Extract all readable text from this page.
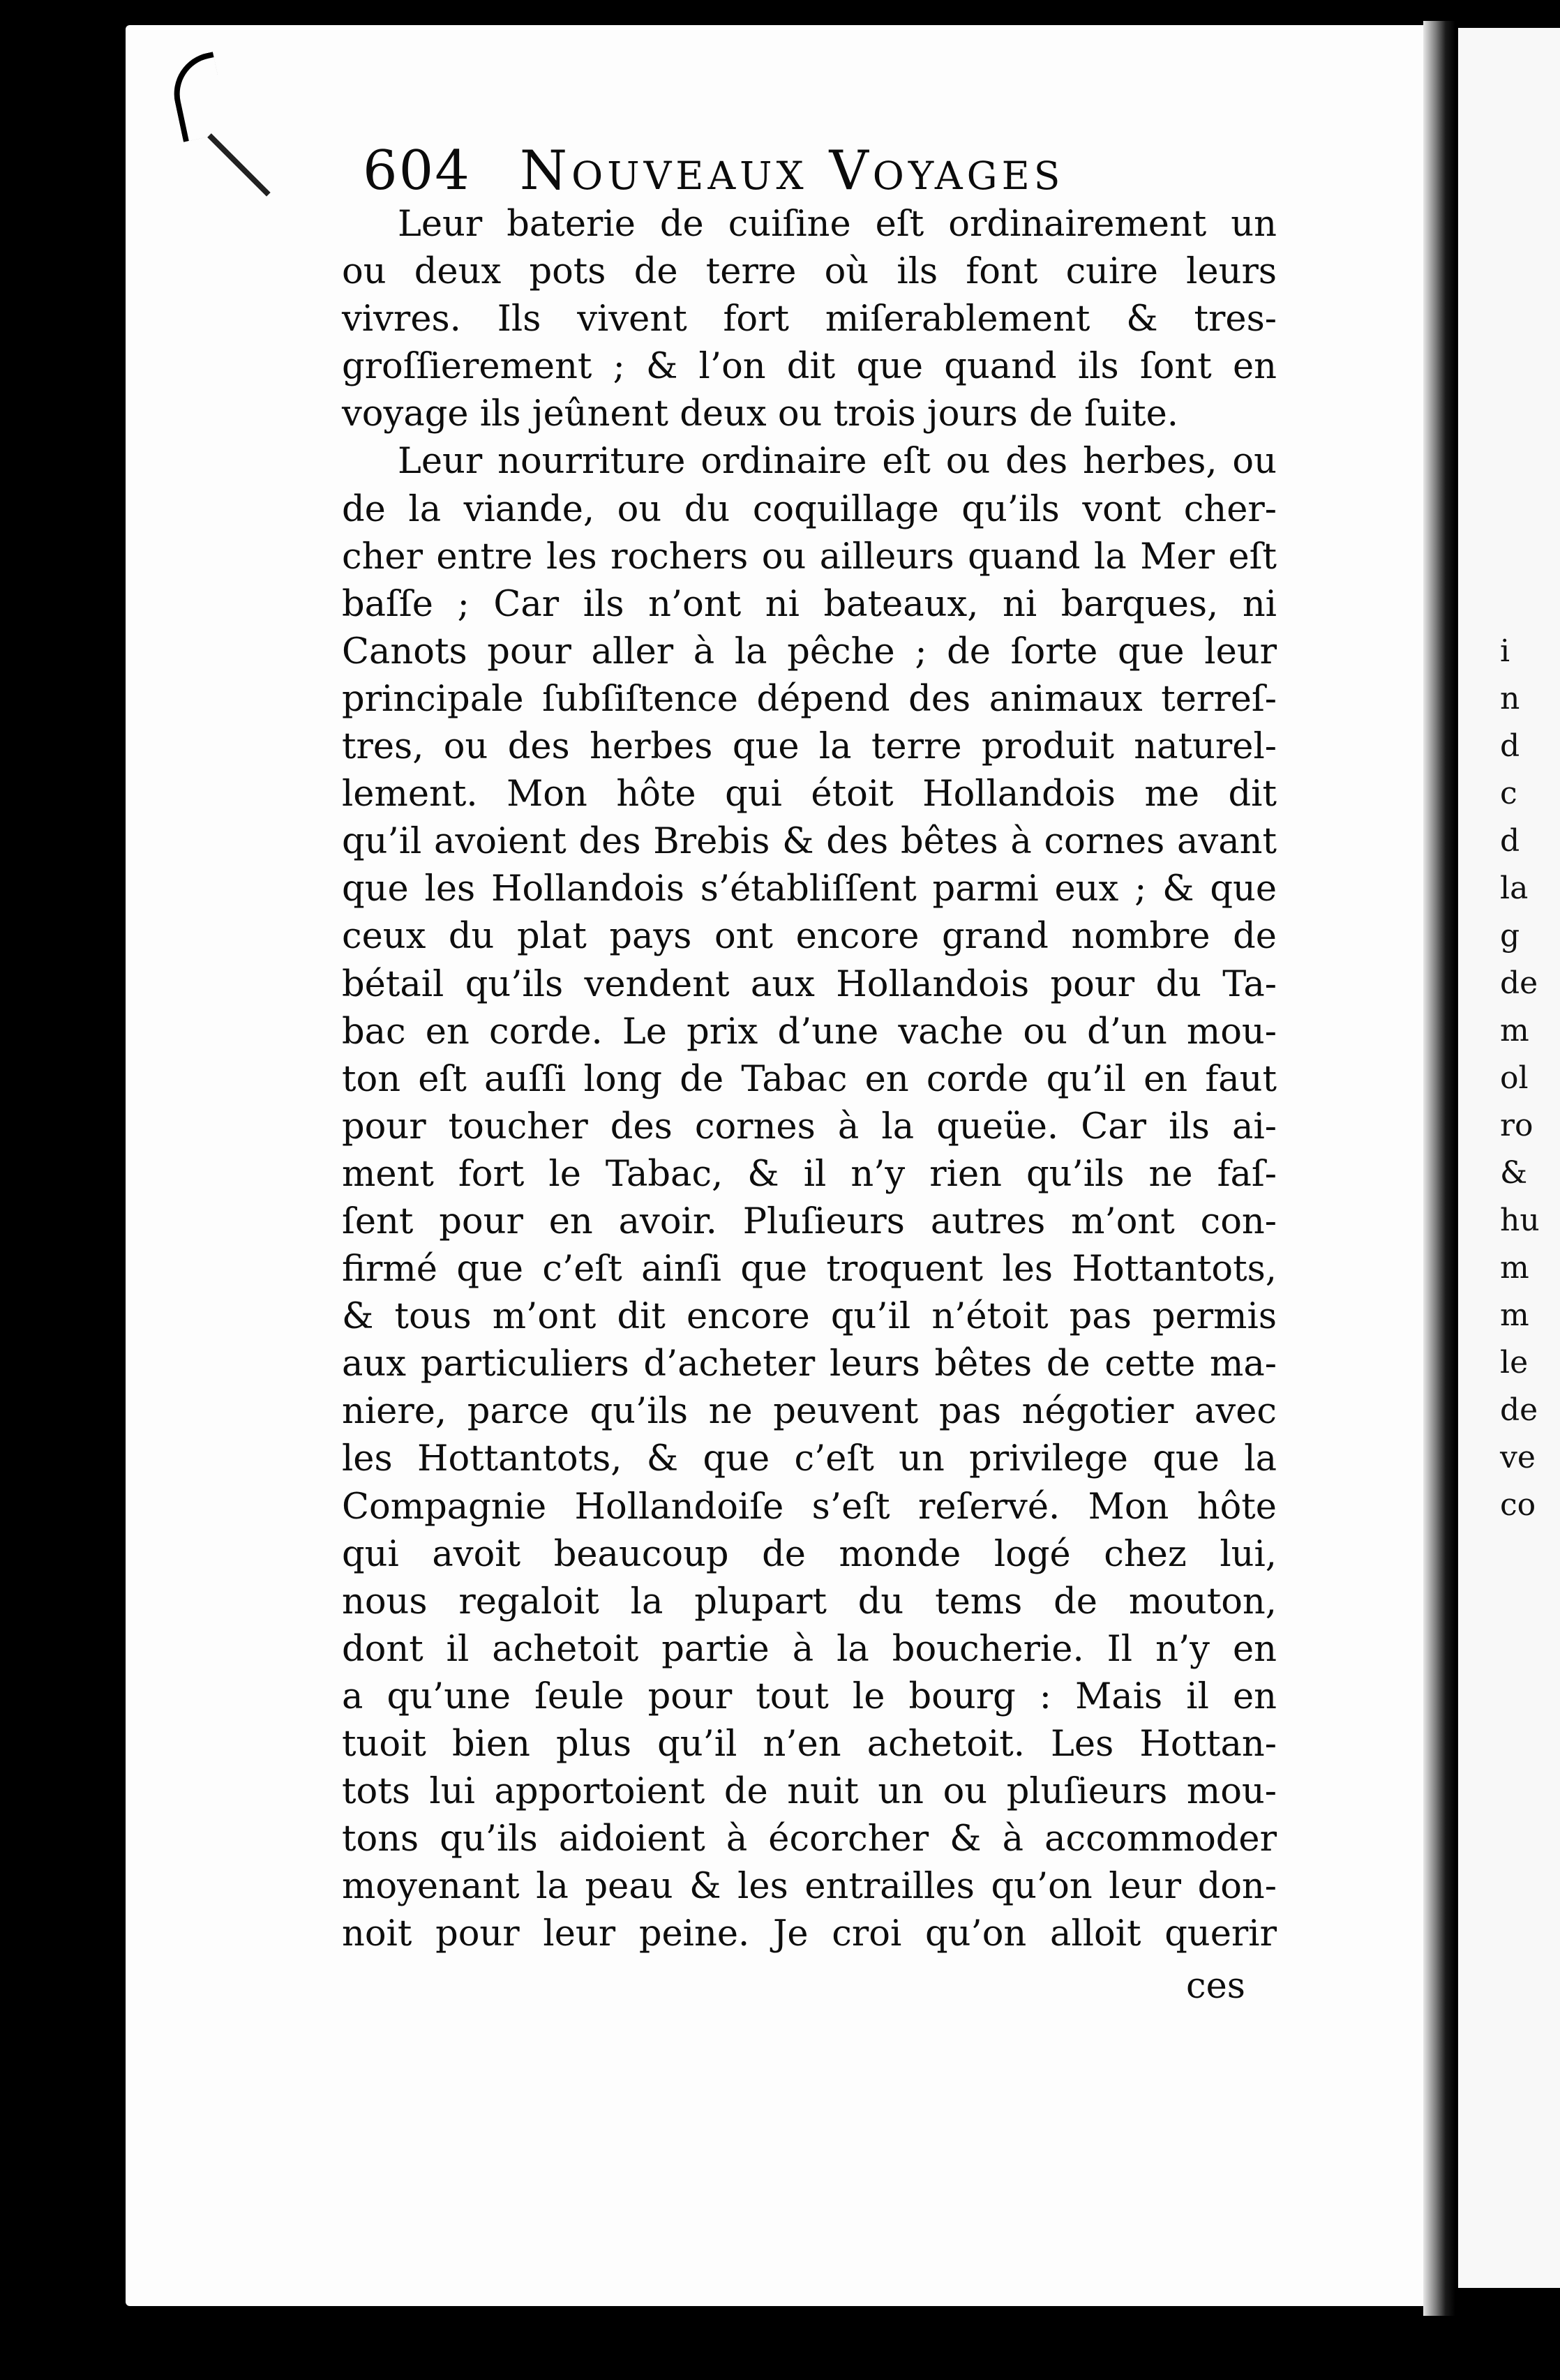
604 Nouveaux Voyages
Leur baterie de cuiſine eſt ordinairement un
ou deux pots de terre où ils font cuire leurs
vivres. Ils vivent fort miſerablement & tres-
groſſierement ; & l’on dit que quand ils ſont en
voyage ils jeûnent deux ou trois jours de ſuite.
Leur nourriture ordinaire eſt ou des herbes, ou
de la viande, ou du coquillage qu’ils vont cher-
cher entre les rochers ou ailleurs quand la Mer eſt
baſſe ; Car ils n’ont ni bateaux, ni barques, ni
Canots pour aller à la pêche ; de ſorte que leur
principale ſubſiſtence dépend des animaux terreſ-
tres, ou des herbes que la terre produit naturel-
lement. Mon hôte qui étoit Hollandois me dit
qu’il avoient des Brebis & des bêtes à cornes avant
que les Hollandois s’établiſſent parmi eux ; & que
ceux du plat pays ont encore grand nombre de
bétail qu’ils vendent aux Hollandois pour du Ta-
bac en corde. Le prix d’une vache ou d’un mou-
ton eſt auſſi long de Tabac en corde qu’il en faut
pour toucher des cornes à la queüe. Car ils ai-
ment fort le Tabac, & il n’y rien qu’ils ne faſ-
ſent pour en avoir. Pluſieurs autres m’ont con-
firmé que c’eſt ainſi que troquent les Hottantots,
& tous m’ont dit encore qu’il n’étoit pas permis
aux particuliers d’acheter leurs bêtes de cette ma-
niere, parce qu’ils ne peuvent pas négotier avec
les Hottantots, & que c’eſt un privilege que la
Compagnie Hollandoiſe s’eſt reſervé. Mon hôte
qui avoit beaucoup de monde logé chez lui,
nous regaloit la plupart du tems de mouton,
dont il achetoit partie à la boucherie. Il n’y en
a qu’une ſeule pour tout le bourg : Mais il en
tuoit bien plus qu’il n’en achetoit. Les Hottan-
tots lui apportoient de nuit un ou pluſieurs mou-
tons qu’ils aidoient à écorcher & à accommoder
moyenant la peau & les entrailles qu’on leur don-
noit pour leur peine. Je croi qu’on alloit querir
ces
i
n
d
c
d
la
g
de
m
ol
ro
&
hu
m
m
le
de
ve
co
